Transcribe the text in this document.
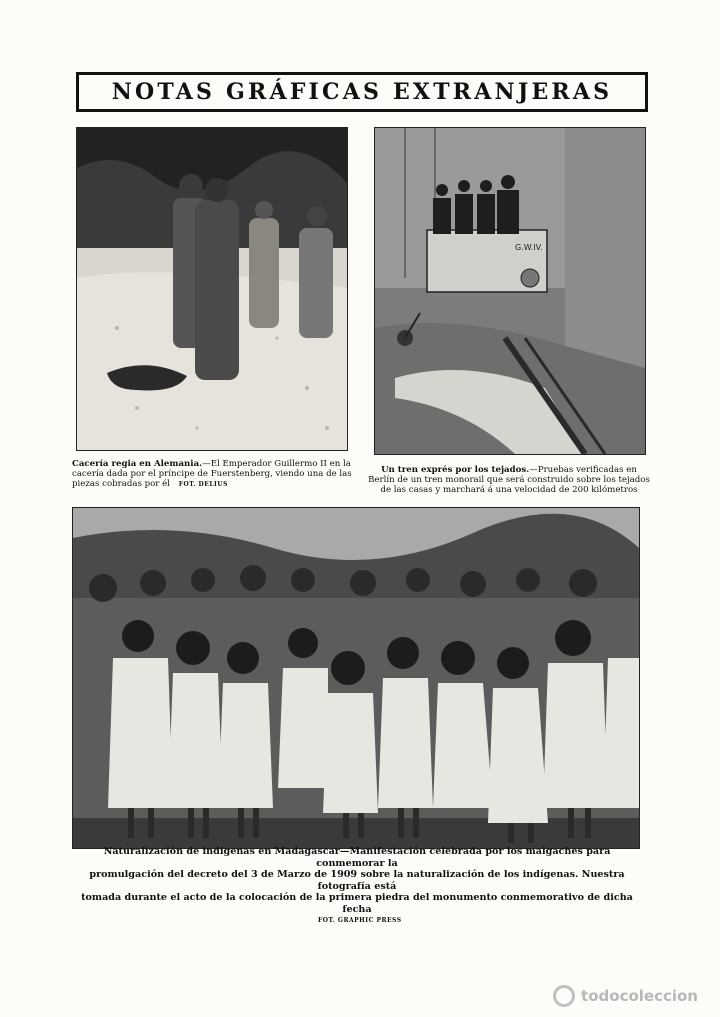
NOTAS GRÁFICAS EXTRANJERAS
Cacería regia en Alemania.—El Emperador Guillermo II en la cacería dada por el príncipe de Fuerstenberg, viendo una de las piezas cobradas por él FOT. DELIUS
G.W.IV.
Un tren exprés por los tejados.—Pruebas verificadas en Berlín de un tren monorail que será construido sobre los tejados de las casas y marchará á una velocidad de 200 kilómetros
Naturalización de indígenas en Madagascar—Manifestación celebrada por los malgaches para conmemorar la
promulgación del decreto del 3 de Marzo de 1909 sobre la naturalización de los indígenas. Nuestra fotografía está
tomada durante el acto de la colocación de la primera piedra del monumento conmemorativo de dicha fecha
FOT. GRAPHIC PRESS
todocoleccion
